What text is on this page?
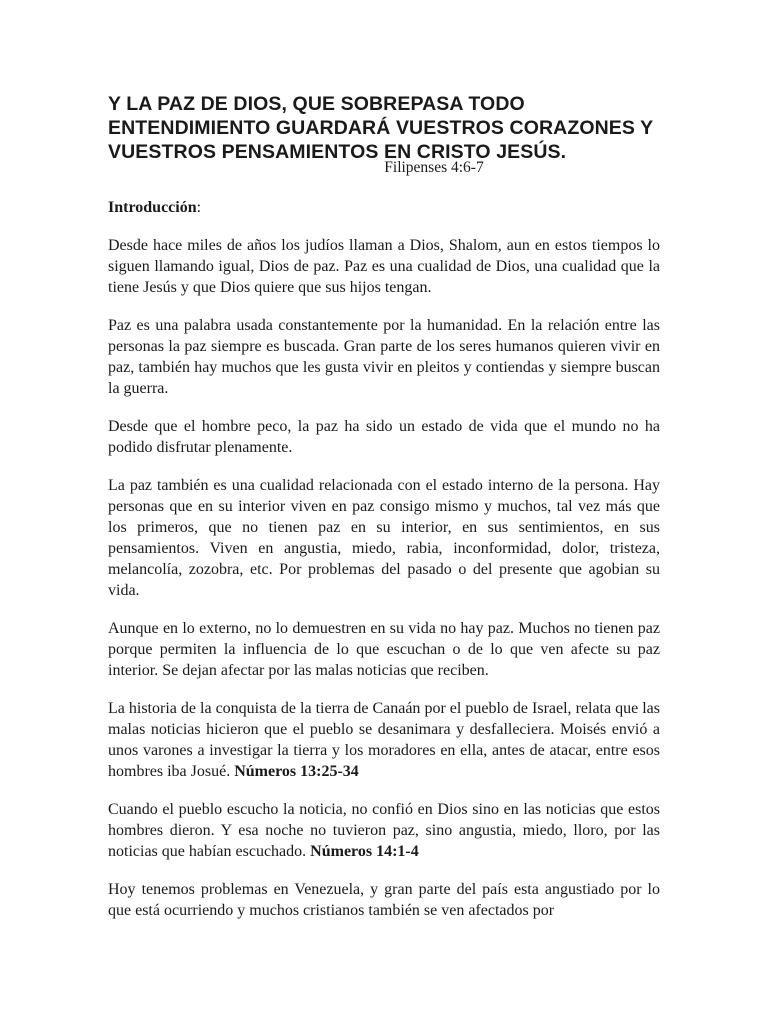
Y LA PAZ DE DIOS, QUE SOBREPASA TODO ENTENDIMIENTO GUARDARÁ VUESTROS CORAZONES Y VUESTROS PENSAMIENTOS EN CRISTO JESÚS.
Filipenses 4:6-7

Introducción:

Desde hace miles de años los judíos llaman a Dios, Shalom, aun en estos tiempos lo siguen llamando igual, Dios de paz. Paz es una cualidad de Dios, una cualidad que la tiene Jesús y que Dios quiere que sus hijos tengan.

Paz es una palabra usada constantemente por la humanidad. En la relación entre las personas la paz siempre es buscada. Gran parte de los seres humanos quieren vivir en paz, también hay muchos que les gusta vivir en pleitos y contiendas y siempre buscan la guerra.

Desde que el hombre peco, la paz ha sido un estado de vida que el mundo no ha podido disfrutar plenamente.

La paz también es una cualidad relacionada con el estado interno de la persona. Hay personas que en su interior viven en paz consigo mismo y muchos, tal vez más que los primeros, que no tienen paz en su interior, en sus sentimientos, en sus pensamientos. Viven en angustia, miedo, rabia, inconformidad, dolor, tristeza, melancolía, zozobra, etc. Por problemas del pasado o del presente que agobian su vida.

Aunque en lo externo, no lo demuestren en su vida no hay paz. Muchos no tienen paz porque permiten la influencia de lo que escuchan o de lo que ven afecte su paz interior. Se dejan afectar por las malas noticias que reciben.

La historia de la conquista de la tierra de Canaán por el pueblo de Israel, relata que las malas noticias hicieron que el pueblo se desanimara y desfalleciera. Moisés envió a unos varones a investigar la tierra y los moradores en ella, antes de atacar, entre esos hombres iba Josué. Números 13:25-34

Cuando el pueblo escucho la noticia, no confió en Dios sino en las noticias que estos hombres dieron. Y esa noche no tuvieron paz, sino angustia, miedo, lloro, por las noticias que habían escuchado. Números 14:1-4

Hoy tenemos problemas en Venezuela, y gran parte del país esta angustiado por lo que está ocurriendo y muchos cristianos también se ven afectados por
